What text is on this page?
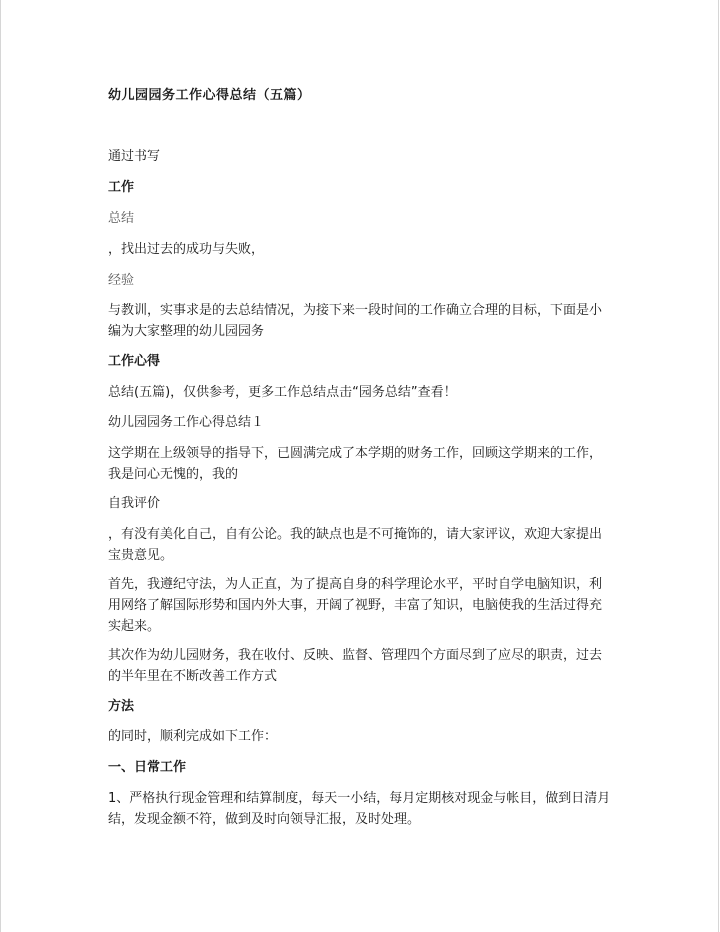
幼儿园园务工作心得总结（五篇）
通过书写
工作
总结
，找出过去的成功与失败，
经验
与教训，实事求是的去总结情况，为接下来一段时间的工作确立合理的目标，下面是小编为大家整理的幼儿园园务
工作心得
总结(五篇)，仅供参考，更多工作总结点击“园务总结”查看！
幼儿园园务工作心得总结１
这学期在上级领导的指导下，已圆满完成了本学期的财务工作，回顾这学期来的工作，我是问心无愧的，我的
自我评价
，有没有美化自己，自有公论。我的缺点也是不可掩饰的，请大家评议，欢迎大家提出宝贵意见。
首先，我遵纪守法，为人正直，为了提高自身的科学理论水平，平时自学电脑知识，利用网络了解国际形势和国内外大事，开阔了视野，丰富了知识，电脑使我的生活过得充实起来。
其次作为幼儿园财务，我在收付、反映、监督、管理四个方面尽到了应尽的职责，过去的半年里在不断改善工作方式
方法
的同时，顺利完成如下工作：
一、日常工作
1、严格执行现金管理和结算制度，每天一小结，每月定期核对现金与帐目，做到日清月结，发现金额不符，做到及时向领导汇报，及时处理。
